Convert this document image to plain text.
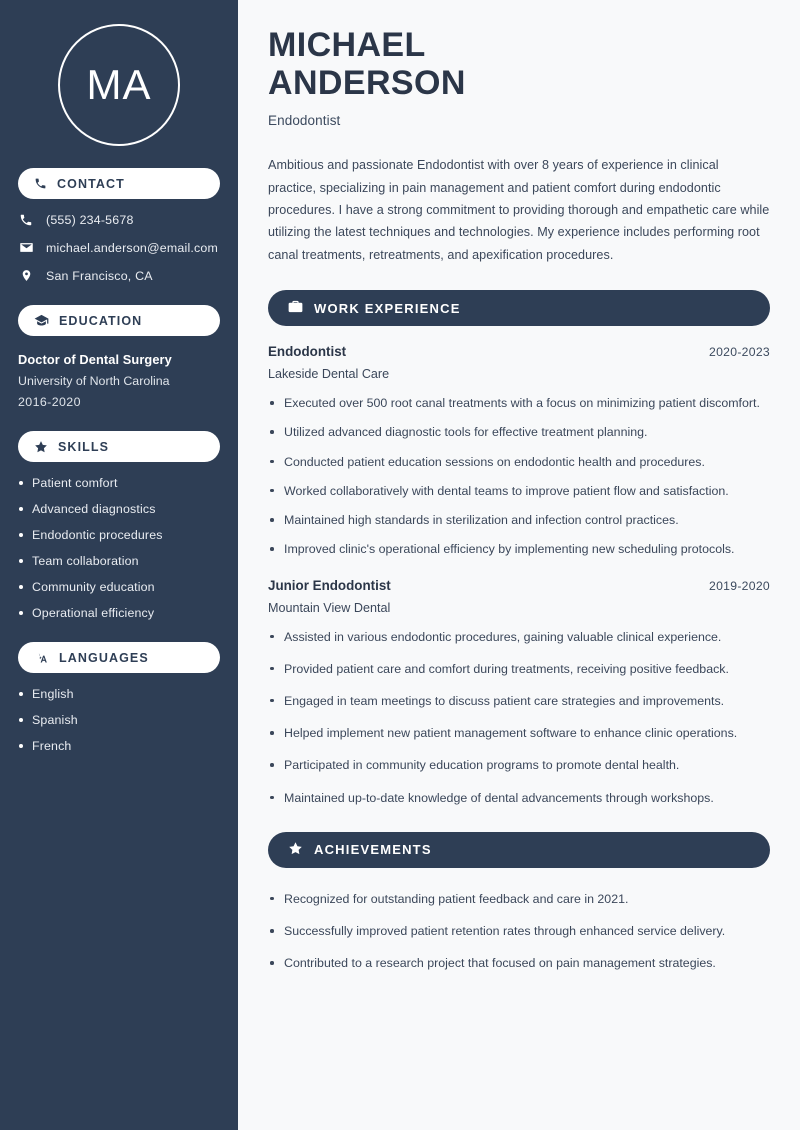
MA
CONTACT
(555) 234-5678
michael.anderson@email.com
San Francisco, CA
EDUCATION
Doctor of Dental Surgery
University of North Carolina
2016-2020
SKILLS
Patient comfort
Advanced diagnostics
Endodontic procedures
Team collaboration
Community education
Operational efficiency
LANGUAGES
English
Spanish
French
MICHAEL
ANDERSON
Endodontist

Ambitious and passionate Endodontist with over 8 years of experience in clinical practice, specializing in pain management and patient comfort during endodontic procedures. I have a strong commitment to providing thorough and empathetic care while utilizing the latest techniques and technologies. My experience includes performing root canal treatments, retreatments, and apexification procedures.

WORK EXPERIENCE
Endodontist	2020-2023
Lakeside Dental Care
Executed over 500 root canal treatments with a focus on minimizing patient discomfort.
Utilized advanced diagnostic tools for effective treatment planning.
Conducted patient education sessions on endodontic health and procedures.
Worked collaboratively with dental teams to improve patient flow and satisfaction.
Maintained high standards in sterilization and infection control practices.
Improved clinic's operational efficiency by implementing new scheduling protocols.
Junior Endodontist	2019-2020
Mountain View Dental
Assisted in various endodontic procedures, gaining valuable clinical experience.
Provided patient care and comfort during treatments, receiving positive feedback.
Engaged in team meetings to discuss patient care strategies and improvements.
Helped implement new patient management software to enhance clinic operations.
Participated in community education programs to promote dental health.
Maintained up-to-date knowledge of dental advancements through workshops.
ACHIEVEMENTS
Recognized for outstanding patient feedback and care in 2021.
Successfully improved patient retention rates through enhanced service delivery.
Contributed to a research project that focused on pain management strategies.
